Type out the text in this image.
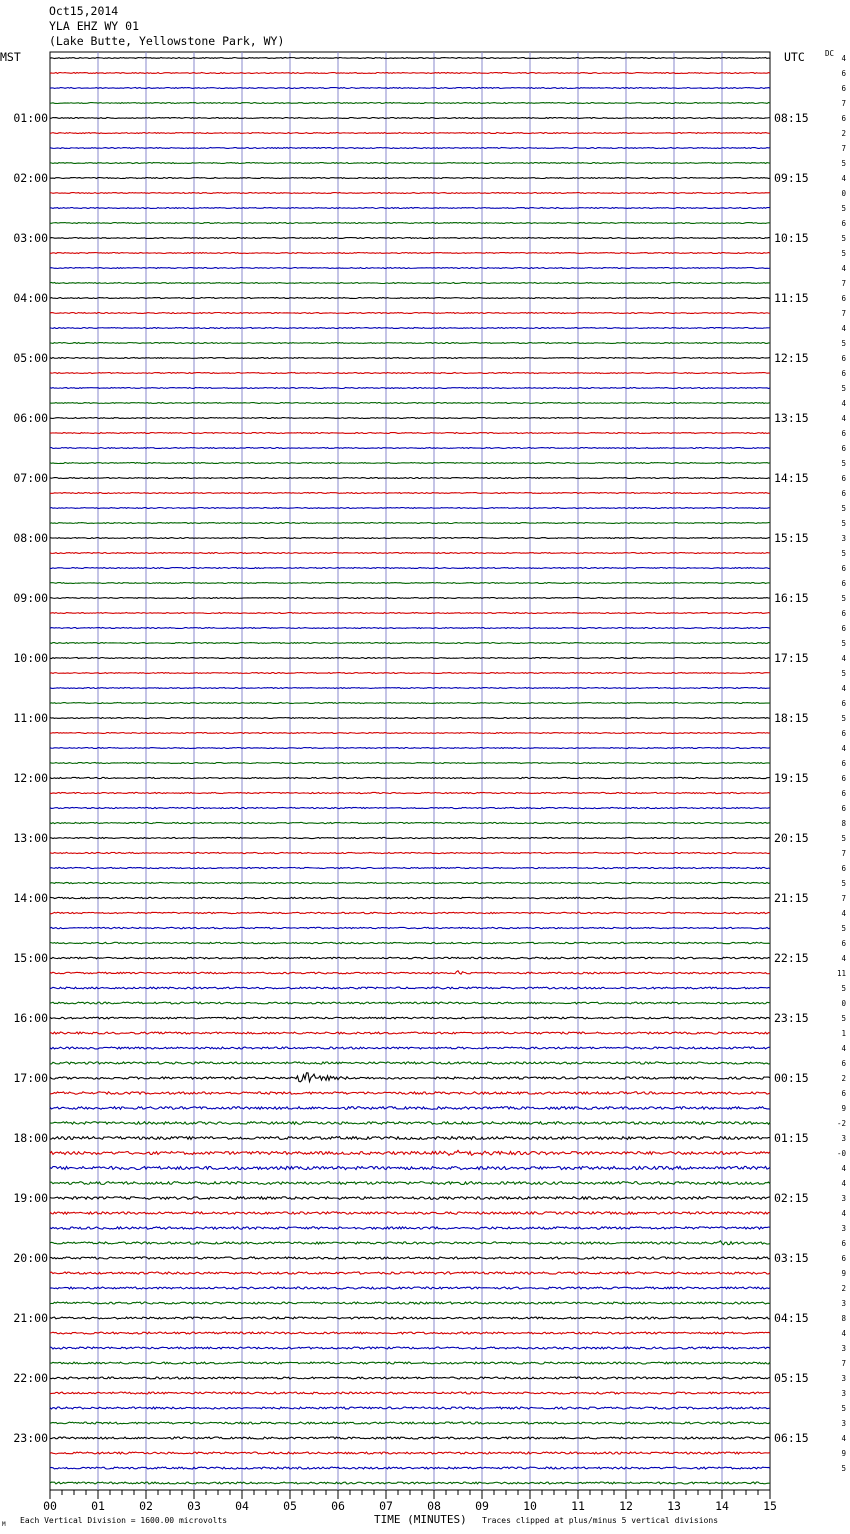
Oct15,2014
YLA EHZ WY 01
(Lake Butte, Yellowstone Park, WY)
01:00
02:00
03:00
04:00
05:00
06:00
07:00
08:00
09:00
10:00
11:00
12:00
13:00
14:00
15:00
16:00
17:00
18:00
19:00
20:00
21:00
22:00
23:00
08:15
09:15
10:15
11:15
12:15
13:15
14:15
15:15
16:15
17:15
18:15
19:15
20:15
21:15
22:15
23:15
00:15
01:15
02:15
03:15
04:15
05:15
06:15
4
6
6
7
6
2
7
5
4
0
5
6
5
5
4
7
6
7
4
5
6
6
5
4
4
6
6
5
6
6
5
5
3
5
6
6
5
6
6
5
4
5
4
6
5
6
4
6
6
6
6
8
5
7
6
5
7
4
5
6
4
11
5
0
5
1
4
6
2
6
9
-2
3
-0
4
4
3
4
3
6
6
9
2
3
8
4
3
7
3
3
5
3
4
9
5
00	01	02	03	04	05	06	07	08	09	10	11	12	13	14	15
MST	UTC	DC
M Each Vertical Division = 1600.00 microvolts	TIME (MINUTES) Traces clipped at plus/minus 5 vertical divisions
